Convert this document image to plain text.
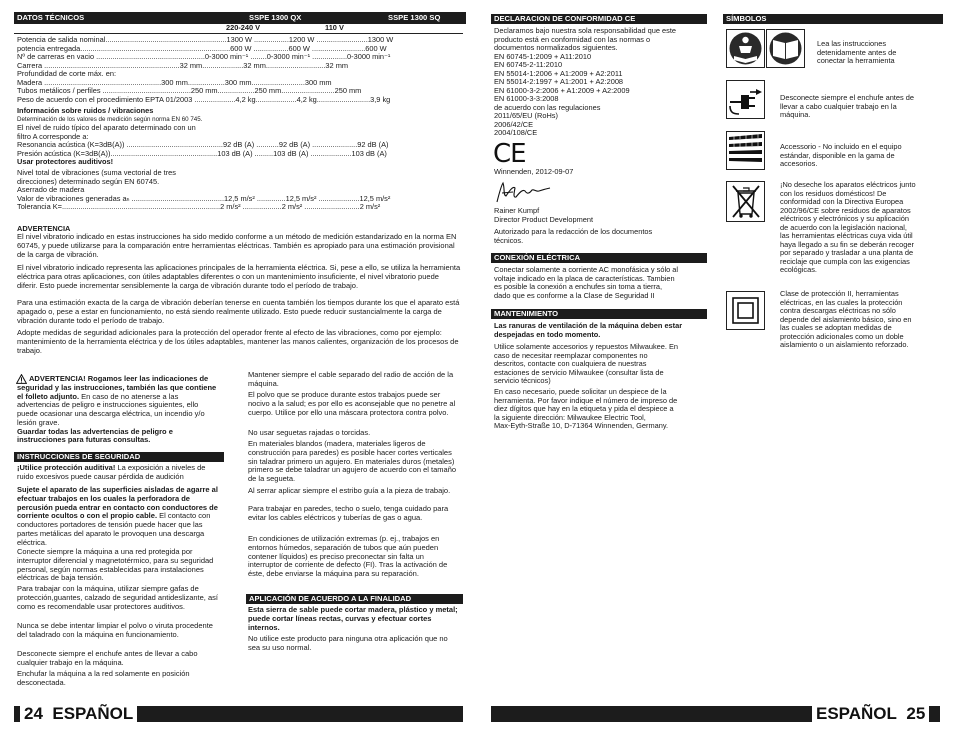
DATOS TÉCNICOS	SSPE 1300 QX	SSPE 1300 SQ
220-240 V	110 V
Potencia de salida nominal...........................................................1300 W .................1200 W .........................1300 W
potencia entregada.........................................................................600 W .................600 W ..........................600 W
Nº de carreras en vacio .....................................................0-3000 min⁻¹ ........0-3000 min⁻¹ .................0-3000 min⁻¹
Carrera ..................................................................32 mm....................32 mm.............................32 mm
Profundidad de corte máx. en:
Madera .........................................................300 mm..................300 mm..........................300 mm
Tubos metálicos / perfiles ...........................................250 mm..................250 mm..........................250 mm
Peso de acuerdo con el procedimiento EPTA 01/2003 ....................4,2 kg....................4,2 kg..........................3,9 kg
Información sobre ruidos / vibraciones
Determinación de los valores de medición según norma EN 60 745.
El nivel de ruido típico del aparato determinado con un
filtro A corresponde a:
Resonancia acústica (K=3dB(A)) ...............................................92 dB (A) ...........92 dB (A) ......................92 dB (A)
Presión acústica (K=3dB(A))....................................................103 dB (A) .........103 dB (A) ....................103 dB (A)
Usar protectores auditivos!
Nivel total de vibraciones (suma vectorial de tres
direcciones) determinado según EN 60745.
Aserrado de madera
Valor de vibraciones generadas aₕ .............................................12,5 m/s² ..............12,5 m/s² ....................12,5 m/s²
Tolerancia K=.............................................................................2 m/s² ...................2 m/s² ...........................2 m/s²
ADVERTENCIA

El nivel vibratorio indicado en estas instrucciones ha sido medido conforme a un método de medición estandarizado en la norma EN 60745, y puede utilizarse para la comparación entre herramientas eléctricas. También es apropiado para una estimación provisional de la carga de vibración.

El nivel vibratorio indicado representa las aplicaciones principales de la herramienta eléctrica. Si, pese a ello, se utiliza la herramienta eléctrica para otras aplicaciones, con útiles adaptables diferentes o con un mantenimiento insuficiente, el nivel vibratorio puede diferir. Esto puede incrementar sensiblemente la carga de vibración durante todo el período de trabajo.

Para una estimación exacta de la carga de vibración deberían tenerse en cuenta también los tiempos durante los que el aparato está apagado o, pese a estar en funcionamiento, no está siendo realmente utilizado. Esto puede reducir sustancialmente la carga de vibración durante todo el período de trabajo.

Adopte medidas de seguridad adicionales para la protección del operador frente al efecto de las vibraciones, como por ejemplo: mantenimiento de la herramienta eléctrica y de los útiles adaptables, mantener las manos calientes, organización de los procesos de trabajo.

ADVERTENCIA! Rogamos leer las indicaciones de seguridad y las instrucciones, también las que contiene el folleto adjunto. En caso de no atenerse a las advertencias de peligro e instrucciones siguientes, ello puede ocasionar una descarga eléctrica, un incendio y/o lesión grave.
Guardar todas las advertencias de peligro e instrucciones para futuras consultas.

INSTRUCCIONES DE SEGURIDAD

¡Utilice protección auditiva! La exposición a niveles de ruido excesivos puede causar pérdida de audición

Sujete el aparato de las superficies aisladas de agarre al efectuar trabajos en los cuales la perforadora de percusión pueda entrar en contacto con conductores de corriente ocultos o con el propio cable. El contacto con conductores portadores de tensión puede hacer que las partes metálicas del aparato le provoquen una descarga eléctrica.

Conecte siempre la máquina a una red protegida por interruptor diferencial y magnetotérmico, para su seguridad personal, según normas establecidas para instalaciones eléctricas de baja tensión.

Para trabajar con la máquina, utilizar siempre gafas de protección,guantes, calzado de seguridad antideslizante, así como es recomendable usar protectores auditivos.

Nunca se debe intentar limpiar el polvo o viruta procedente del taladrado con la máquina en funcionamiento.

Desconecte siempre el enchufe antes de llevar a cabo cualquier trabajo en la máquina.

Enchufar la máquina a la red solamente en posición desconectada.

Mantener siempre el cable separado del radio de acción de la máquina.

El polvo que se produce durante estos trabajos puede ser nocivo a la salud; es por ello es aconsejable que no penetre al cuerpo. Utilice por ello una máscara protectora contra polvo.

No usar seguetas rajadas o torcidas.

En materiales blandos (madera, materiales ligeros de construcción para paredes) es posible hacer cortes verticales sin taladrar primero un agujero. En materiales duros (metales) primero se debe taladrar un agujero de acuerdo con el tamaño de la segueta.

Al serrar aplicar siempre el estribo guía a la pieza de trabajo.

Para trabajar en paredes, techo o suelo, tenga cuidado para evitar los cables eléctricos y tuberías de gas o agua.

En condiciones de utilización extremas (p. ej., trabajos en entornos húmedos, separación de tubos que aún pueden contener líquidos) es preciso preconectar sin falta un interruptor de corriente de defecto (FI). Tras la activación de éste, debe enviarse la máquina para su reparación.

APLICACIÓN DE ACUERDO A LA FINALIDAD

Esta sierra de sable puede cortar madera, plástico y metal; puede cortar líneas rectas, curvas y efectuar cortes internos.

No utilice este producto para ninguna otra aplicación que no sea su uso normal.

24 ESPAÑOL
DECLARACION DE CONFORMIDAD CE
Declaramos bajo nuestra sola responsabilidad que este
producto está en conformidad con las normas o
documentos normalizados siguientes.
EN 60745-1:2009 + A11:2010
EN 60745-2-11:2010
EN 55014-1:2006 + A1:2009 + A2:2011
EN 55014-2:1997 + A1:2001 + A2:2008
EN 61000-3-2:2006 + A1:2009 + A2:2009
EN 61000-3-3:2008
de acuerdo con las regulaciones
2011/65/EU (RoHs)
2006/42/CE
2004/108/CE
CE
Winnenden, 2012-09-07
Rainer Kumpf
Director Product Development
Autorizado para la redacción de los documentos
técnicos.
CONEXIÓN ELÉCTRICA
Conectar solamente a corriente AC monofásica y sólo al
voltaje indicado en la placa de características. Tambien
es posible la conexión a enchufes sin toma a tierra,
dado que es conforme a la Clase de Seguridad II
MANTENIMIENTO
Las ranuras de ventilación de la máquina deben estar
despejadas en todo momento.
Utilice solamente accesorios y repuestos Milwaukee. En
caso de necesitar reemplazar componentes no
descritos, contacte con cualquiera de nuestras
estaciones de servicio Milwaukee (consultar lista de
servicio técnicos)
En caso necesario, puede solicitar un despiece de la
herramienta. Por favor indique el número de impreso de
diez dígitos que hay en la etiqueta y pida el despiece a
la siguiente dirección: Milwaukee Electric Tool,
Max-Eyth-Straße 10, D-71364 Winnenden, Germany.
SÍMBOLOS
Lea las instrucciones
detenidamente antes de
conectar la herramienta
Desconecte siempre el enchufe antes de
llevar a cabo cualquier trabajo en la
máquina.
Accessorio - No incluido en el equipo
estándar, disponible en la gama de
accesorios.
¡No deseche los aparatos eléctricos junto
con los residuos domésticos! De
conformidad con la Directiva Europea
2002/96/CE sobre residuos de aparatos
eléctricos y electrónicos y su aplicación
de acuerdo con la legislación nacional,
las herramientas eléctricas cuya vida útil
haya llegado a su fin se deberán recoger
por separado y trasladar a una planta de
reciclaje que cumpla con las exigencias
ecológicas.
Clase de protección II, herramientas
eléctricas, en las cuales la protección
contra descargas eléctricas no sólo
depende del aislamiento básico, sino en
las cuales se adoptan medidas de
protección adicionales como un doble
aislamiento o un aislamiento reforzado.
ESPAÑOL 25
